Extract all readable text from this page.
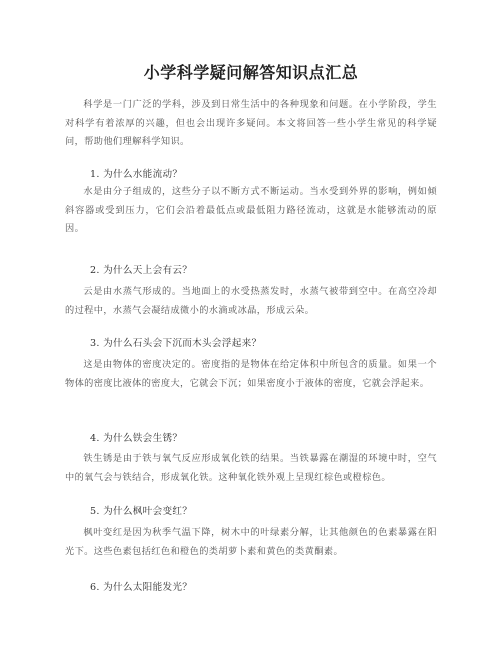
小学科学疑问解答知识点汇总
科学是一门广泛的学科，涉及到日常生活中的各种现象和问题。在小学阶段，学生对科学有着浓厚的兴趣，但也会出现许多疑问。本文将回答一些小学生常见的科学疑问，帮助他们理解科学知识。
1. 为什么水能流动？
水是由分子组成的，这些分子以不断方式不断运动。当水受到外界的影响，例如倾斜容器或受到压力，它们会沿着最低点或最低阻力路径流动，这就是水能够流动的原因。
2. 为什么天上会有云？
云是由水蒸气形成的。当地面上的水受热蒸发时，水蒸气被带到空中。在高空冷却的过程中，水蒸气会凝结成微小的水滴或冰晶，形成云朵。
3. 为什么石头会下沉而木头会浮起来？
这是由物体的密度决定的。密度指的是物体在给定体积中所包含的质量。如果一个物体的密度比液体的密度大，它就会下沉；如果密度小于液体的密度，它就会浮起来。
4. 为什么铁会生锈？
铁生锈是由于铁与氧气反应形成氧化铁的结果。当铁暴露在潮湿的环境中时，空气中的氧气会与铁结合，形成氧化铁。这种氧化铁外观上呈现红棕色或橙棕色。
5. 为什么枫叶会变红？
枫叶变红是因为秋季气温下降，树木中的叶绿素分解，让其他颜色的色素暴露在阳光下。这些色素包括红色和橙色的类胡萝卜素和黄色的类黄酮素。
6. 为什么太阳能发光？
